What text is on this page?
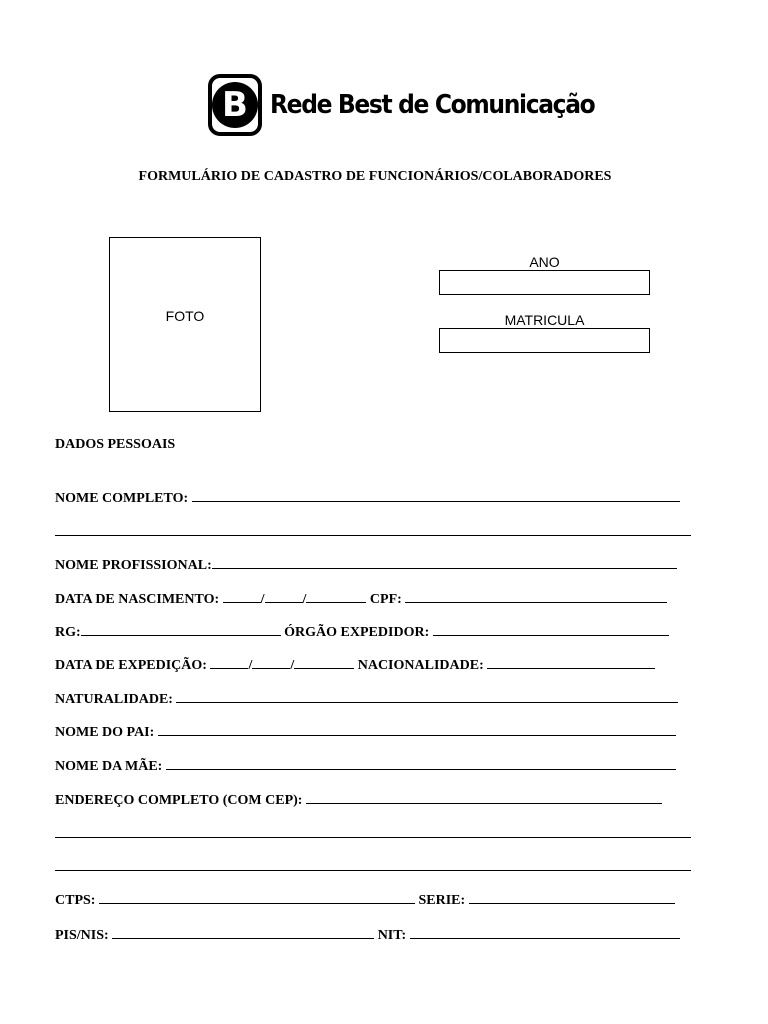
B Rede Best de Comunicação
FORMULÁRIO DE CADASTRO DE FUNCIONÁRIOS/COLABORADORES
FOTO
ANO
MATRICULA
DADOS PESSOAIS
NOME COMPLETO:
NOME PROFISSIONAL:
DATA DE NASCIMENTO:	/	/	CPF:
RG:	ÓRGÃO EXPEDIDOR:
DATA DE EXPEDIÇÃO:	/	/	NACIONALIDADE:
NATURALIDADE:
NOME DO PAI:
NOME DA MÃE:
ENDEREÇO COMPLETO (COM CEP):
CTPS:	SERIE:
PIS/NIS:	NIT:
